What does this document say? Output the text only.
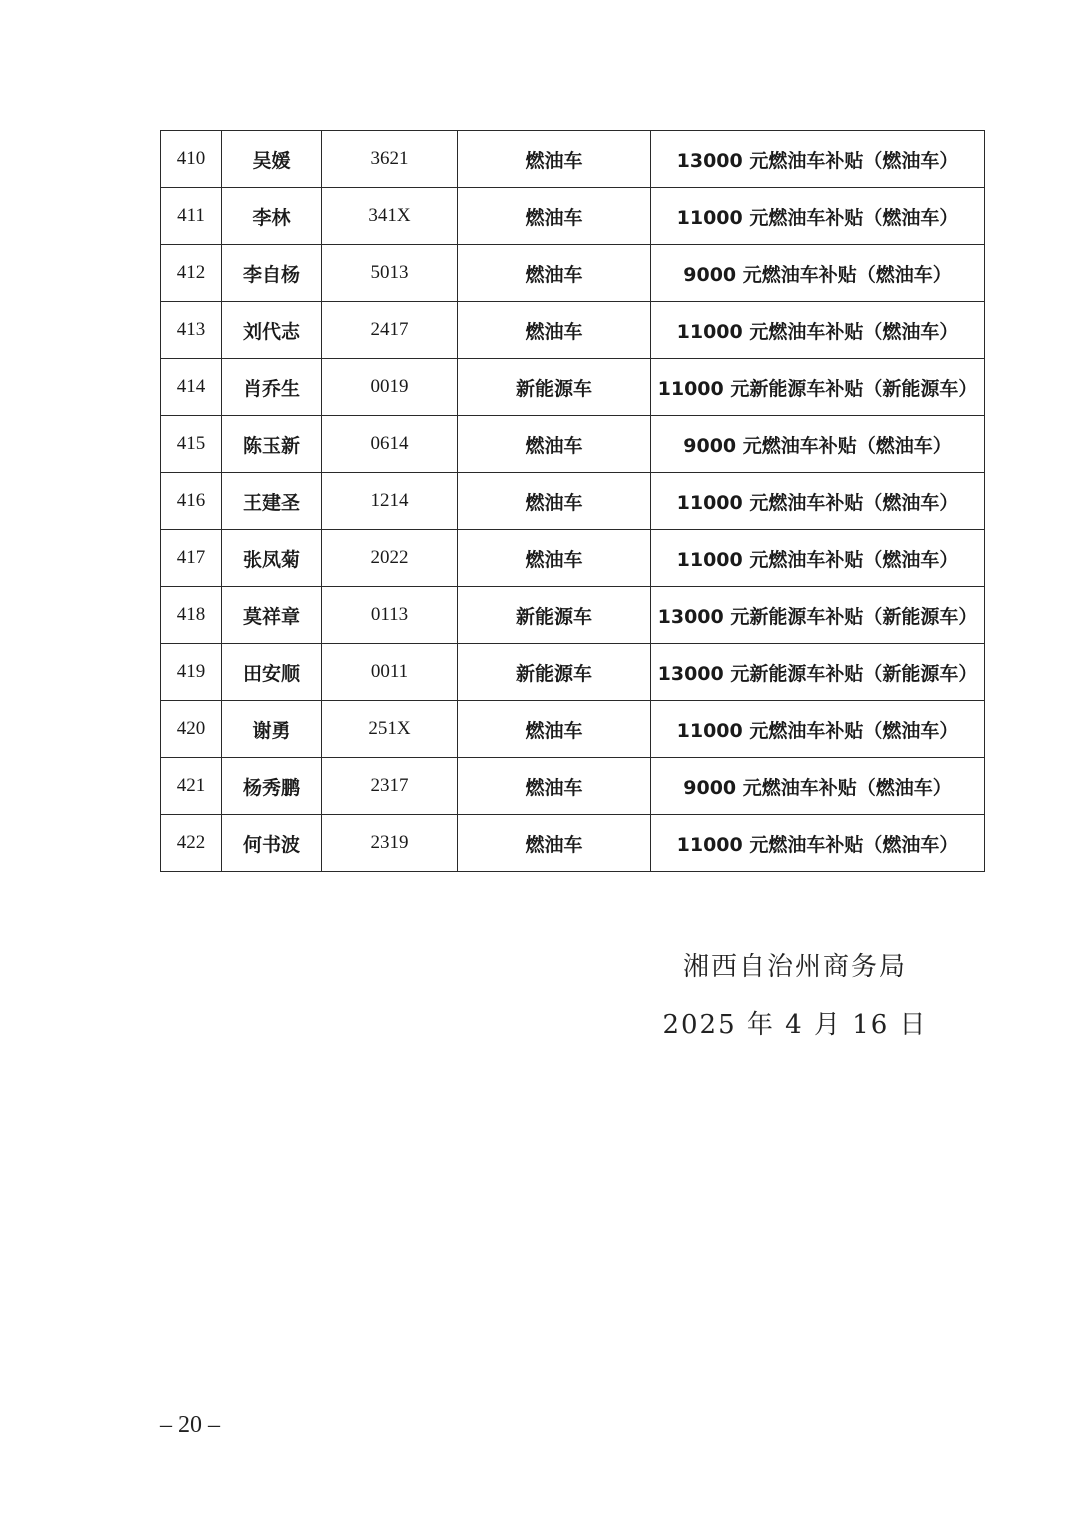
410	吴媛	3621	燃油车	13000 元燃油车补贴（燃油车）
411	李林	341X	燃油车	11000 元燃油车补贴（燃油车）
412	李自杨	5013	燃油车	9000 元燃油车补贴（燃油车）
413	刘代志	2417	燃油车	11000 元燃油车补贴（燃油车）
414	肖乔生	0019	新能源车	11000 元新能源车补贴（新能源车）
415	陈玉新	0614	燃油车	9000 元燃油车补贴（燃油车）
416	王建圣	1214	燃油车	11000 元燃油车补贴（燃油车）
417	张凤菊	2022	燃油车	11000 元燃油车补贴（燃油车）
418	莫祥章	0113	新能源车	13000 元新能源车补贴（新能源车）
419	田安顺	0011	新能源车	13000 元新能源车补贴（新能源车）
420	谢勇	251X	燃油车	11000 元燃油车补贴（燃油车）
421	杨秀鹏	2317	燃油车	9000 元燃油车补贴（燃油车）
422	何书波	2319	燃油车	11000 元燃油车补贴（燃油车）
湘西自治州商务局
2025 年 4 月 16 日
– 20 –
